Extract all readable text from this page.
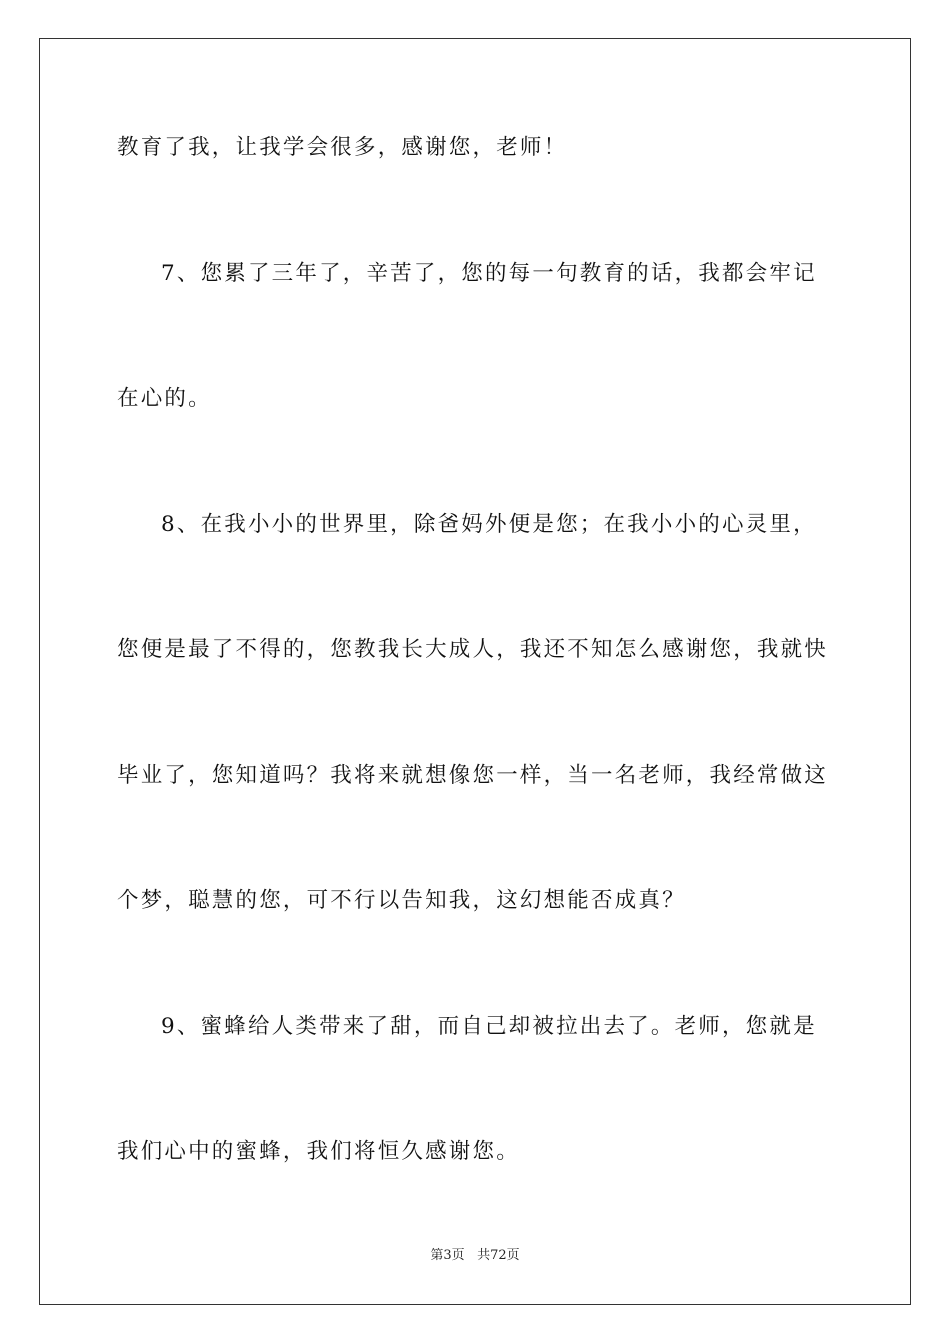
教育了我，让我学会很多，感谢您，老师！
7、您累了三年了，辛苦了，您的每一句教育的话，我都会牢记
在心的。
8、在我小小的世界里，除爸妈外便是您；在我小小的心灵里，
您便是最了不得的，您教我长大成人，我还不知怎么感谢您，我就快
毕业了，您知道吗？我将来就想像您一样，当一名老师，我经常做这
个梦，聪慧的您，可不行以告知我，这幻想能否成真？
9、蜜蜂给人类带来了甜，而自己却被拉出去了。老师，您就是
我们心中的蜜蜂，我们将恒久感谢您。
第3页 共72页
